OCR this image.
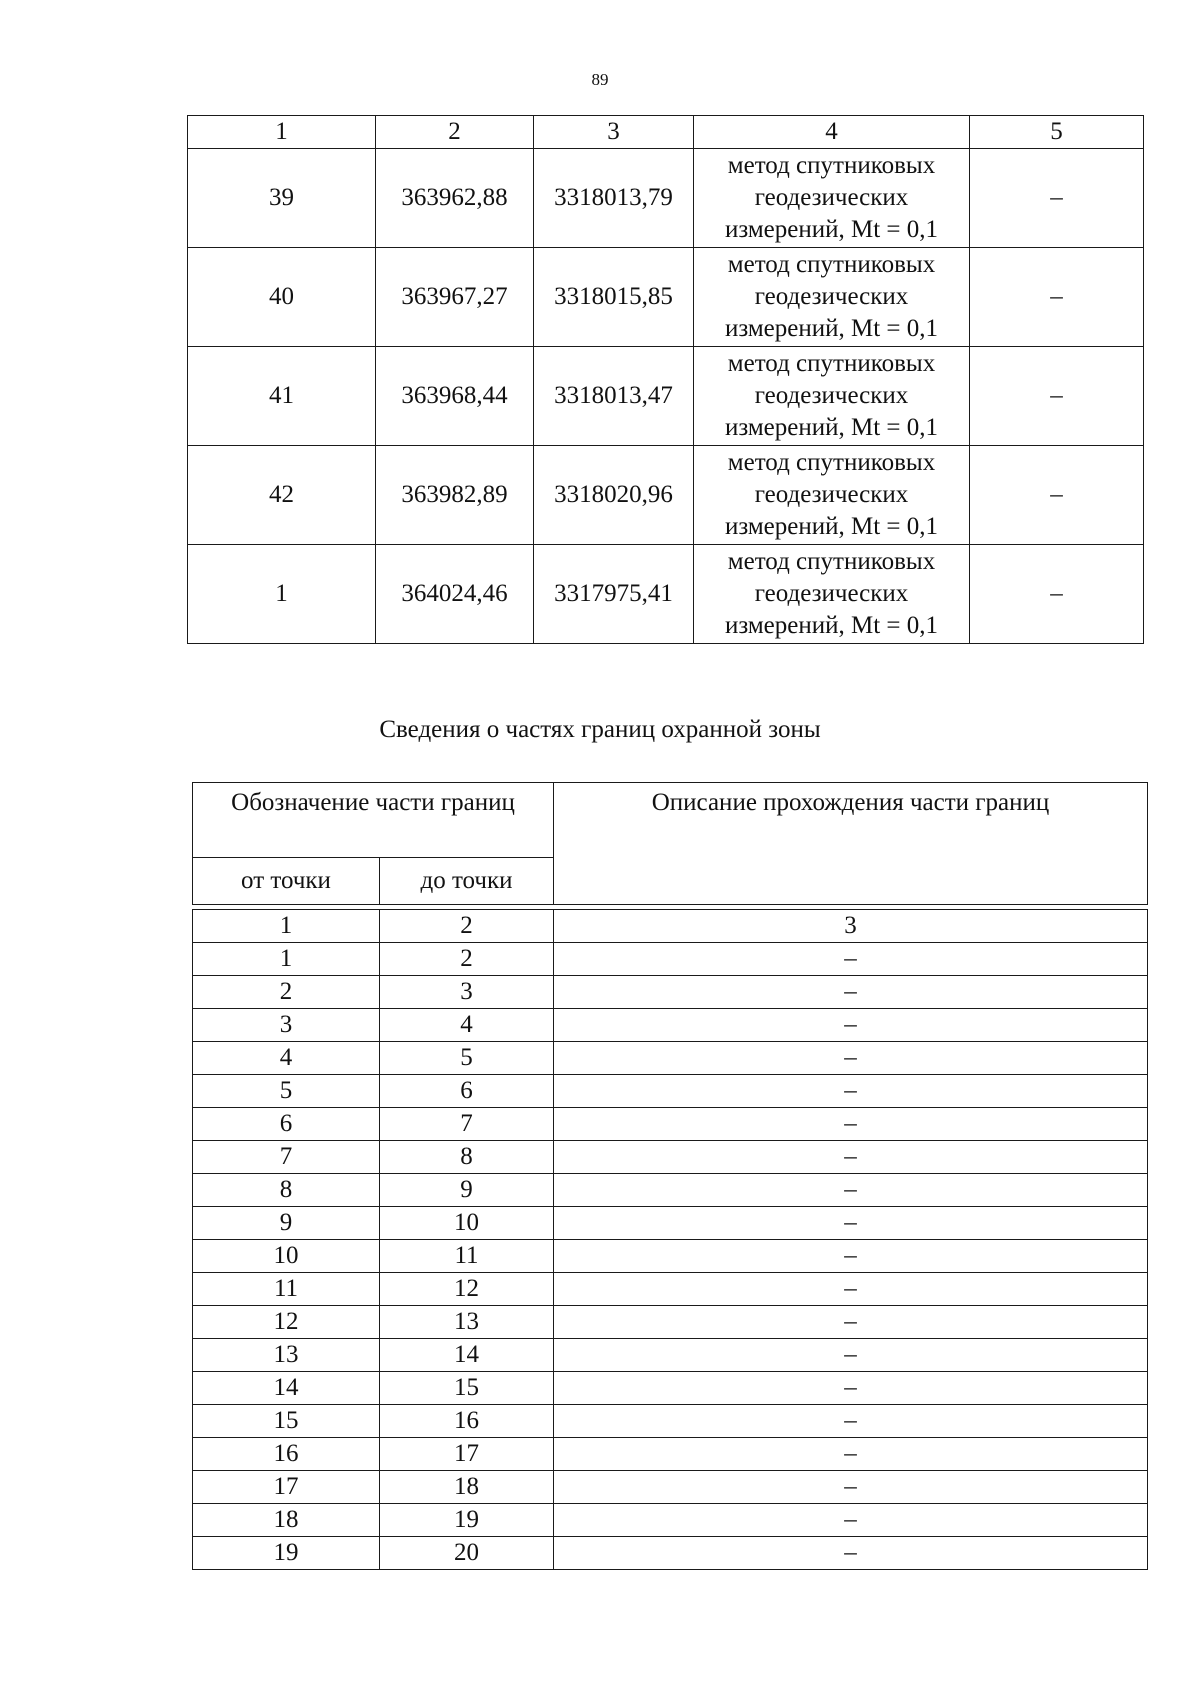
89
1	2	3	4	5
39	363962,88	3318013,79	метод спутниковых
геодезических
измерений, Mt = 0,1	–
40	363967,27	3318015,85	метод спутниковых
геодезических
измерений, Mt = 0,1	–
41	363968,44	3318013,47	метод спутниковых
геодезических
измерений, Mt = 0,1	–
42	363982,89	3318020,96	метод спутниковых
геодезических
измерений, Mt = 0,1	–
1	364024,46	3317975,41	метод спутниковых
геодезических
измерений, Mt = 0,1	–
Сведения о частях границ охранной зоны
Обозначение части границ		Описание прохождения части границ
от точки	до точки	

1	2	3
1	2	–
2	3	–
3	4	–
4	5	–
5	6	–
6	7	–
7	8	–
8	9	–
9	10	–
10	11	–
11	12	–
12	13	–
13	14	–
14	15	–
15	16	–
16	17	–
17	18	–
18	19	–
19	20	–
